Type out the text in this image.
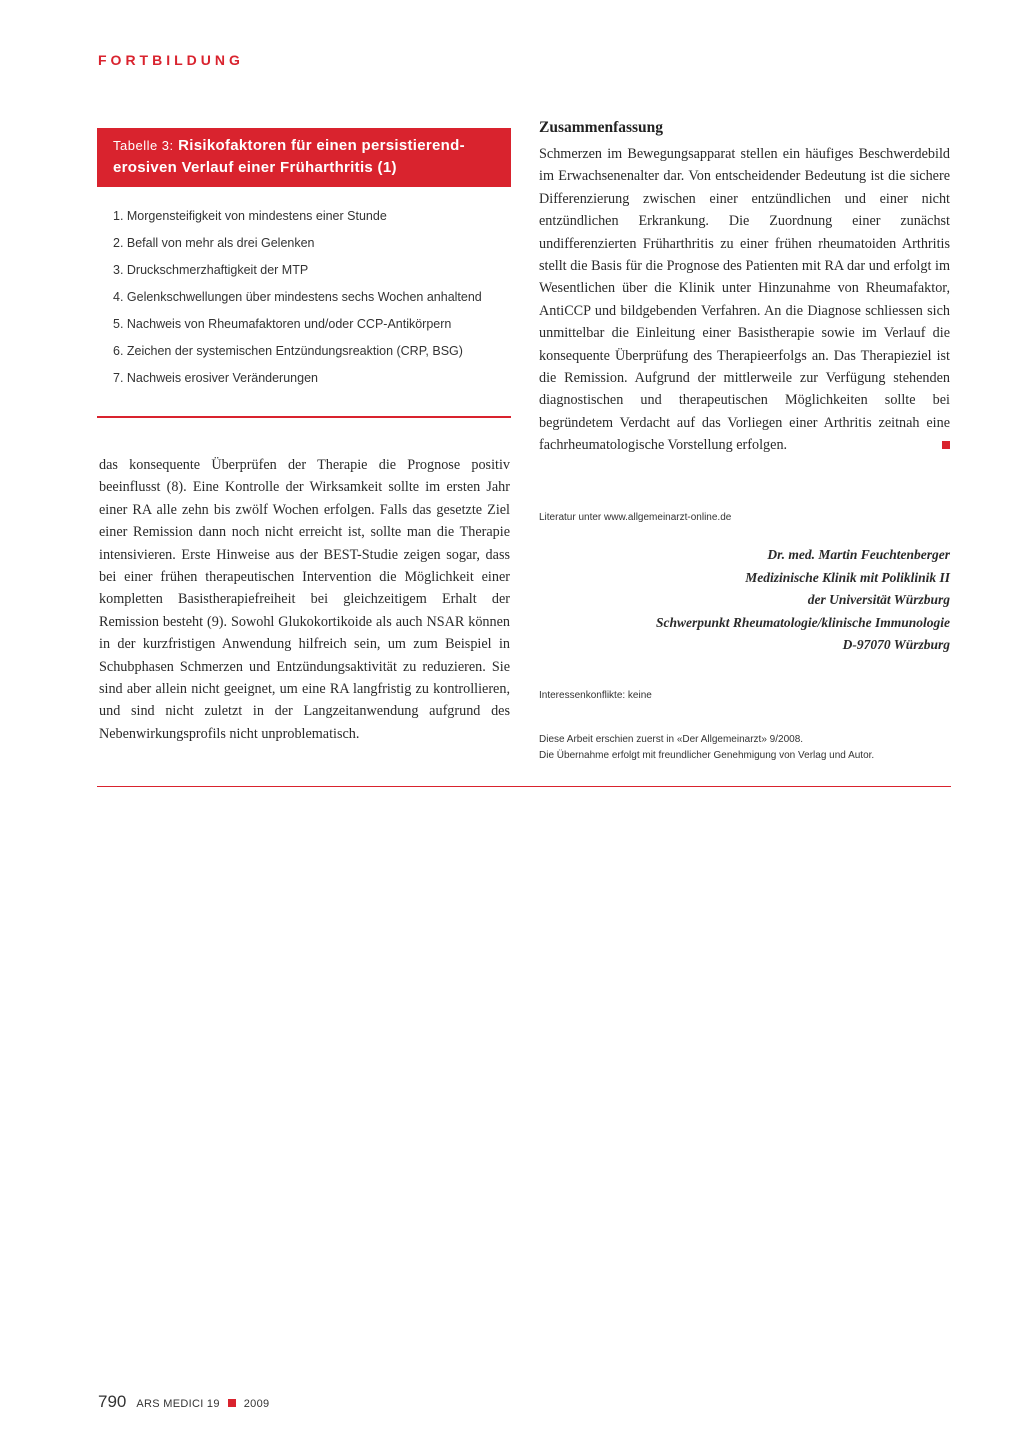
FORTBILDUNG
Tabelle 3: Risikofaktoren für einen persistierend-erosiven Verlauf einer Früharthritis (1)
1. Morgensteifigkeit von mindestens einer Stunde
2. Befall von mehr als drei Gelenken
3. Druckschmerzhaftigkeit der MTP
4. Gelenkschwellungen über mindestens sechs Wochen anhaltend
5. Nachweis von Rheumafaktoren und/oder CCP-Antikörpern
6. Zeichen der systemischen Entzündungsreaktion (CRP, BSG)
7. Nachweis erosiver Veränderungen
das konsequente Überprüfen der Therapie die Prognose positiv beeinflusst (8). Eine Kontrolle der Wirksamkeit sollte im ersten Jahr einer RA alle zehn bis zwölf Wochen erfolgen. Falls das gesetzte Ziel einer Remission dann noch nicht erreicht ist, sollte man die Therapie intensivieren. Erste Hinweise aus der BEST-Studie zeigen sogar, dass bei einer frühen therapeutischen Intervention die Möglichkeit einer kompletten Basistherapiefreiheit bei gleichzeitigem Erhalt der Remission besteht (9). Sowohl Glukokortikoide als auch NSAR können in der kurzfristigen Anwendung hilfreich sein, um zum Beispiel in Schubphasen Schmerzen und Entzündungsaktivität zu reduzieren. Sie sind aber allein nicht geeignet, um eine RA langfristig zu kontrollieren, und sind nicht zuletzt in der Langzeitanwendung aufgrund des Nebenwirkungsprofils nicht unproblematisch.
Zusammenfassung
Schmerzen im Bewegungsapparat stellen ein häufiges Beschwerdebild im Erwachsenenalter dar. Von entscheidender Bedeutung ist die sichere Differenzierung zwischen einer entzündlichen und einer nicht entzündlichen Erkrankung. Die Zuordnung einer zunächst undifferenzierten Früharthritis zu einer frühen rheumatoiden Arthritis stellt die Basis für die Prognose des Patienten mit RA dar und erfolgt im Wesentlichen über die Klinik unter Hinzunahme von Rheumafaktor, AntiCCP und bildgebenden Verfahren. An die Diagnose schliessen sich unmittelbar die Einleitung einer Basistherapie sowie im Verlauf die konsequente Überprüfung des Therapieerfolgs an. Das Therapieziel ist die Remission. Aufgrund der mittlerweile zur Verfügung stehenden diagnostischen und therapeutischen Möglichkeiten sollte bei begründetem Verdacht auf das Vorliegen einer Arthritis zeitnah eine fachrheumatologische Vorstellung erfolgen.
Literatur unter www.allgemeinarzt-online.de
Dr. med. Martin Feuchtenberger
Medizinische Klinik mit Poliklinik II
der Universität Würzburg
Schwerpunkt Rheumatologie/klinische Immunologie
D-97070 Würzburg
Interessenkonflikte: keine
Diese Arbeit erschien zuerst in «Der Allgemeinarzt» 9/2008.
Die Übernahme erfolgt mit freundlicher Genehmigung von Verlag und Autor.
790 ARS MEDICI 19 2009
